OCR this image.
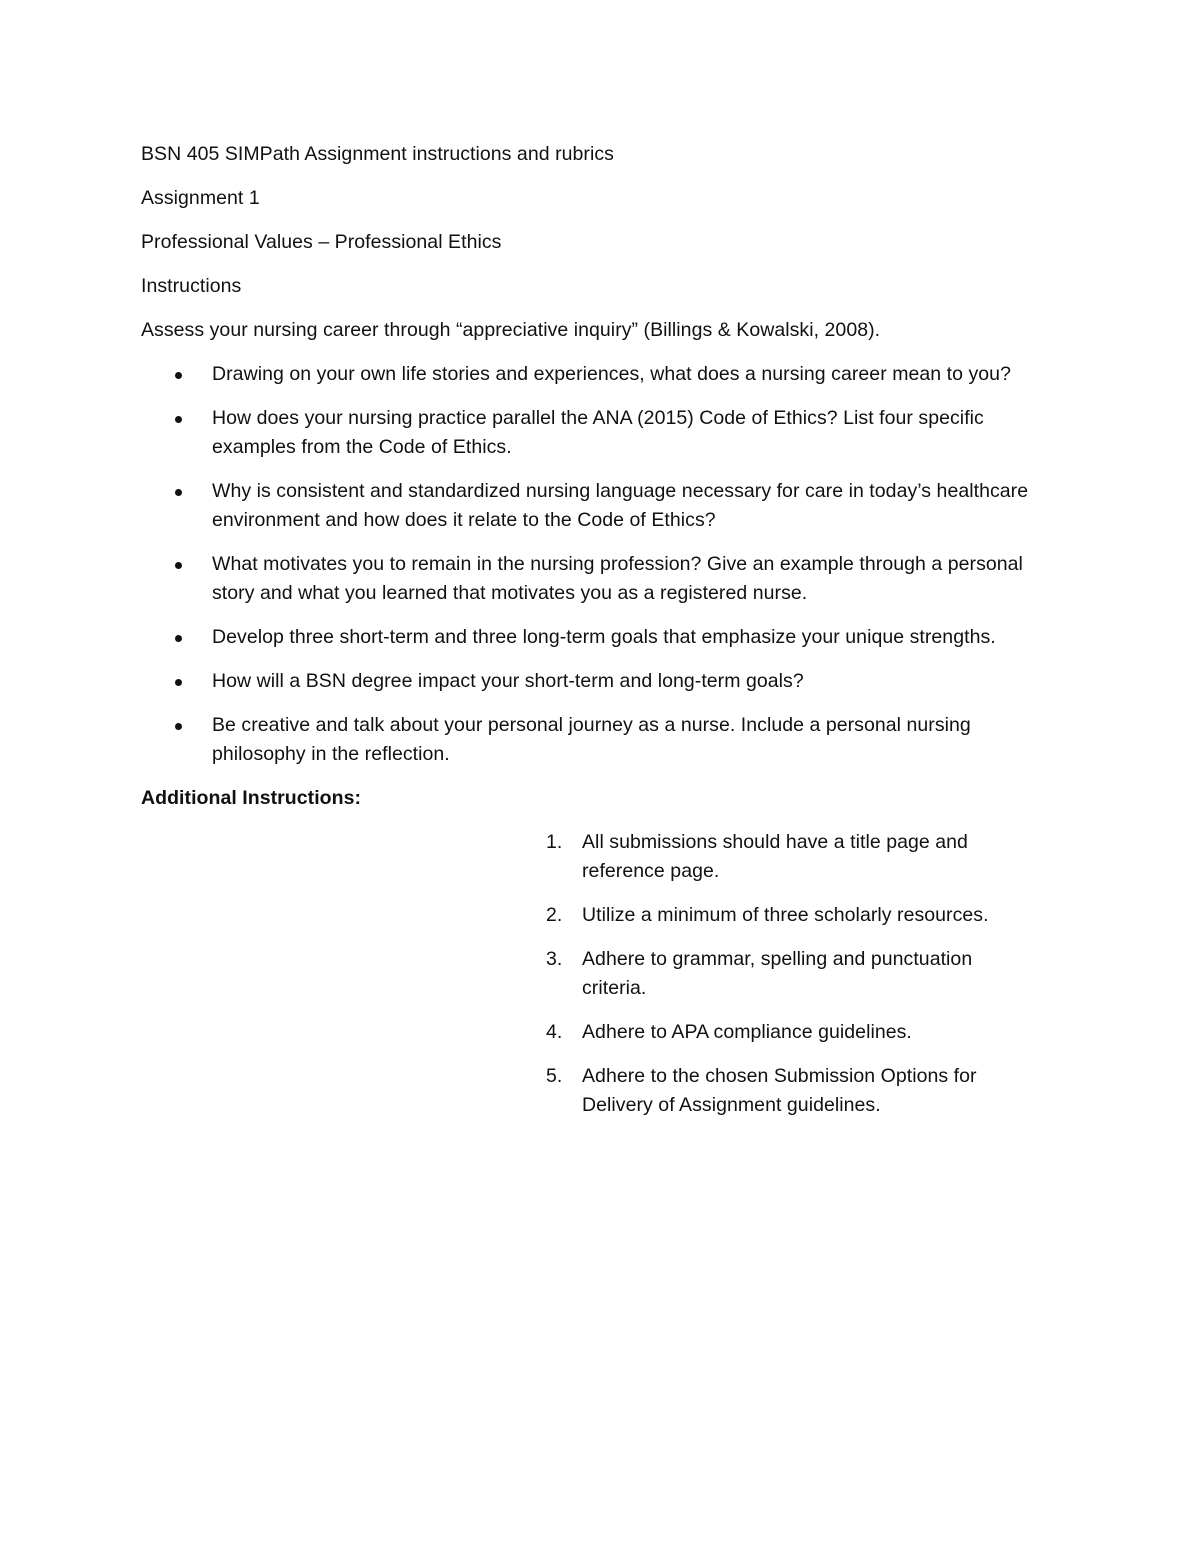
BSN 405 SIMPath Assignment instructions and rubrics

Assignment 1

Professional Values – Professional Ethics

Instructions

Assess your nursing career through “appreciative inquiry” (Billings & Kowalski, 2008).

Drawing on your own life stories and experiences, what does a nursing career mean to you?
How does your nursing practice parallel the ANA (2015) Code of Ethics? List four specific examples from the Code of Ethics.
Why is consistent and standardized nursing language necessary for care in today’s healthcare environment and how does it relate to the Code of Ethics?
What motivates you to remain in the nursing profession? Give an example through a personal story and what you learned that motivates you as a registered nurse.
Develop three short-term and three long-term goals that emphasize your unique strengths.
How will a BSN degree impact your short-term and long-term goals?
Be creative and talk about your personal journey as a nurse. Include a personal nursing philosophy in the reflection.

Additional Instructions:

1. All submissions should have a title page and reference page.
2. Utilize a minimum of three scholarly resources.
3. Adhere to grammar, spelling and punctuation criteria.
4. Adhere to APA compliance guidelines.
5. Adhere to the chosen Submission Options for Delivery of Assignment guidelines.
